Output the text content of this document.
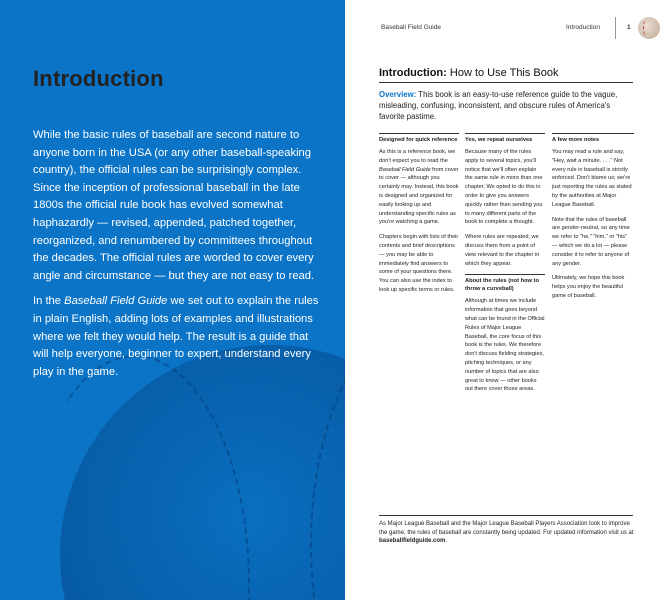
Introduction

While the basic rules of baseball are second nature to anyone born in the USA (or any other baseball-speaking country), the official rules can be surprisingly complex. Since the inception of professional baseball in the late 1800s the official rule book has evolved somewhat haphazardly — revised, appended, patched together, reorganized, and renumbered by committees throughout the decades. The official rules are worded to cover every angle and circumstance — but they are not easy to read.

In the Baseball Field Guide we set out to explain the rules in plain English, adding lots of examples and illustrations where we felt they would help. The result is a guide that will help everyone, beginner to expert, understand every play in the game.

Baseball Field Guide	Introduction	1
Introduction: How to Use This Book
Overview: This book is an easy-to-use reference guide to the vague, misleading, confusing, inconsistent, and obscure rules of America's favorite pastime.
Designed for quick reference

As this is a reference book, we don't expect you to read the Baseball Field Guide from cover to cover — although you certainly may. Instead, this book is designed and organized for easily looking up and understanding specific rules as you're watching a game.

Chapters begin with lists of their contents and brief descriptions — you may be able to immediately find answers to some of your questions there. You can also use the index to look up specific terms or rules.

Yes, we repeat ourselves

Because many of the rules apply to several topics, you'll notice that we'll often explain the same rule in more than one chapter. We opted to do this in order to give you answers quickly rather than sending you to many different parts of the book to complete a thought.

Where rules are repeated, we discuss them from a point of view relevant to the chapter in which they appear.

About the rules (not how to throw a curveball)

Although at times we include information that goes beyond what can be found in the Official Rules of Major League Baseball, the core focus of this book is the rules. We therefore don't discuss fielding strategies, pitching techniques, or any number of topics that are also great to know — other books out there cover those areas.

A few more notes

You may read a rule and say, "Hey, wait a minute. . . ." Not every rule in baseball is strictly enforced. Don't blame us; we're just reporting the rules as stated by the authorities at Major League Baseball.

Note that the rules of baseball are gender-neutral, so any time we refer to "he," "him," or "his" — which we do a lot — please consider it to refer to anyone of any gender.

Ultimately, we hope this book helps you enjoy the beautiful game of baseball.

As Major League Baseball and the Major League Baseball Players Association look to improve the game, the rules of baseball are constantly being updated. For updated information visit us at baseballfieldguide.com.
